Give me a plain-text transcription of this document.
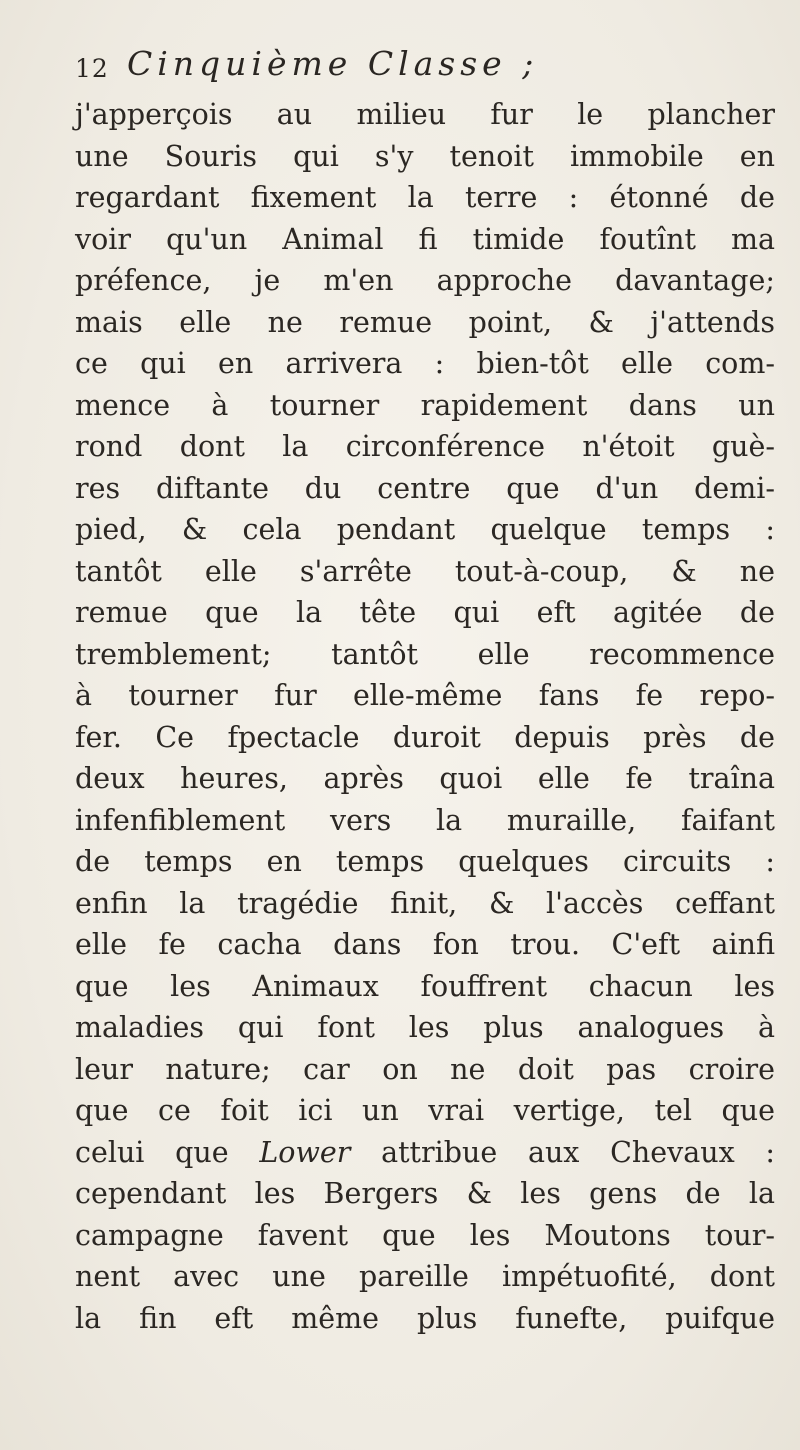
12 Cinquième Classe ;
j'apperçois au milieu fur le plancher
une Souris qui s'y tenoit immobile en
regardant fixement la terre : étonné de
voir qu'un Animal fi timide foutînt ma
préfence, je m'en approche davantage;
mais elle ne remue point, & j'attends
ce qui en arrivera : bien-tôt elle com-
mence à tourner rapidement dans un
rond dont la circonférence n'étoit guè-
res diftante du centre que d'un demi-
pied, & cela pendant quelque temps :
tantôt elle s'arrête tout-à-coup, & ne
remue que la tête qui eft agitée de
tremblement; tantôt elle recommence
à tourner fur elle-même fans fe repo-
fer. Ce fpectacle duroit depuis près de
deux heures, après quoi elle fe traîna
infenfiblement vers la muraille, faifant
de temps en temps quelques circuits :
enfin la tragédie finit, & l'accès ceffant
elle fe cacha dans fon trou. C'eft ainfi
que les Animaux fouffrent chacun les
maladies qui font les plus analogues à
leur nature; car on ne doit pas croire
que ce foit ici un vrai vertige, tel que
celui que Lower attribue aux Chevaux :
cependant les Bergers & les gens de la
campagne favent que les Moutons tour-
nent avec une pareille impétuofité, dont
la fin eft même plus funefte, puifque
